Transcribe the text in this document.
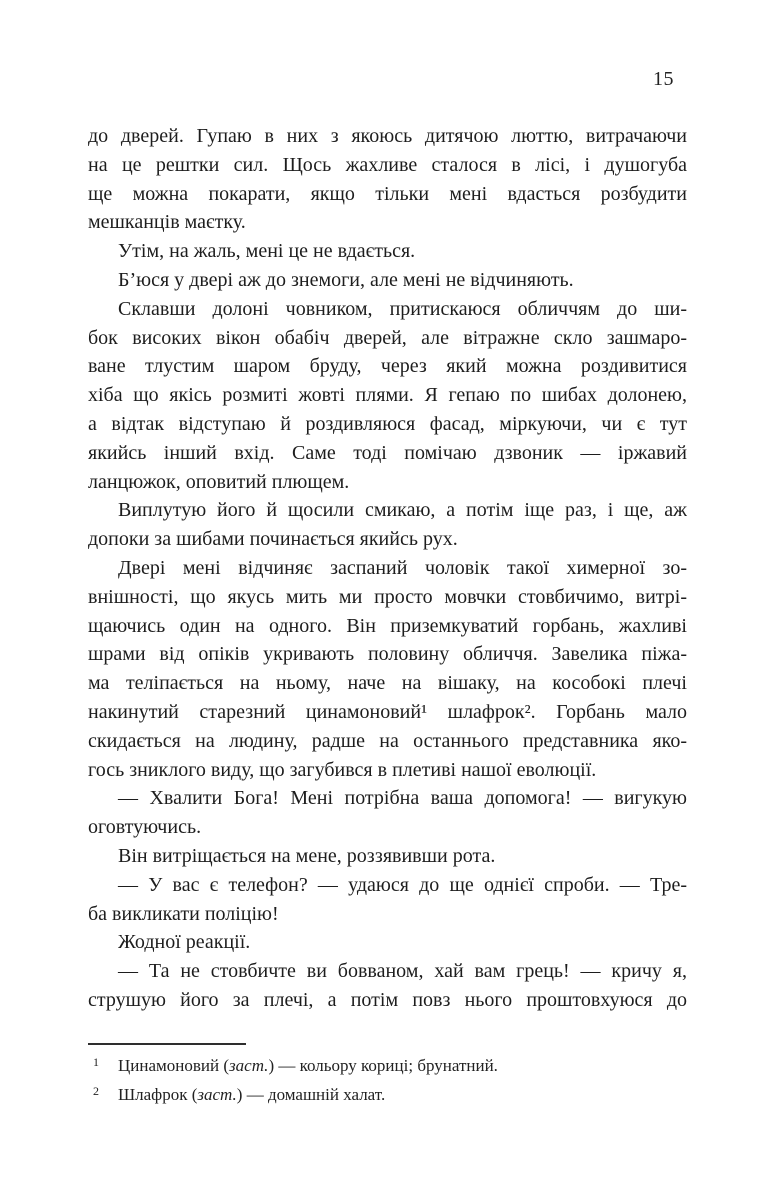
15
до дверей. Гупаю в них з якоюсь дитячою люттю, витрачаючи
на це рештки сил. Щось жахливе сталося в лісі, і душогуба
ще можна покарати, якщо тільки мені вдасться розбудити
мешканців маєтку.
Утім, на жаль, мені це не вдається.
Б’юся у двері аж до знемоги, але мені не відчиняють.
Склавши долоні човником, притискаюся обличчям до ши-
бок високих вікон обабіч дверей, але вітражне скло зашмаро-
ване тлустим шаром бруду, через який можна роздивитися
хіба що якісь розмиті жовті плями. Я гепаю по шибах долонею,
а відтак відступаю й роздивляюся фасад, міркуючи, чи є тут
якийсь інший вхід. Саме тоді помічаю дзвоник — іржавий
ланцюжок, оповитий плющем.
Виплутую його й щосили смикаю, а потім іще раз, і ще, аж
допоки за шибами починається якийсь рух.
Двері мені відчиняє заспаний чоловік такої химерної зо-
внішності, що якусь мить ми просто мовчки стовбичимо, витрі-
щаючись один на одного. Він приземкуватий горбань, жахливі
шрами від опіків укривають половину обличчя. Завелика піжа-
ма теліпається на ньому, наче на вішаку, на кособокі плечі
накинутий старезний цинамоновий¹ шлафрок². Горбань мало
скидається на людину, радше на останнього представника яко-
гось зниклого виду, що загубився в плетиві нашої еволюції.
— Хвалити Бога! Мені потрібна ваша допомога! — вигукую
оговтуючись.
Він витріщається на мене, роззявивши рота.
— У вас є телефон? — удаюся до ще однієї спроби. — Тре-
ба викликати поліцію!
Жодної реакції.
— Та не стовбичте ви бовваном, хай вам грець! — кричу я,
струшую його за плечі, а потім повз нього проштовхуюся до
1	Цинамоновий (заст.) — кольору кориці; брунатний.
2	Шлафрок (заст.) — домашній халат.
